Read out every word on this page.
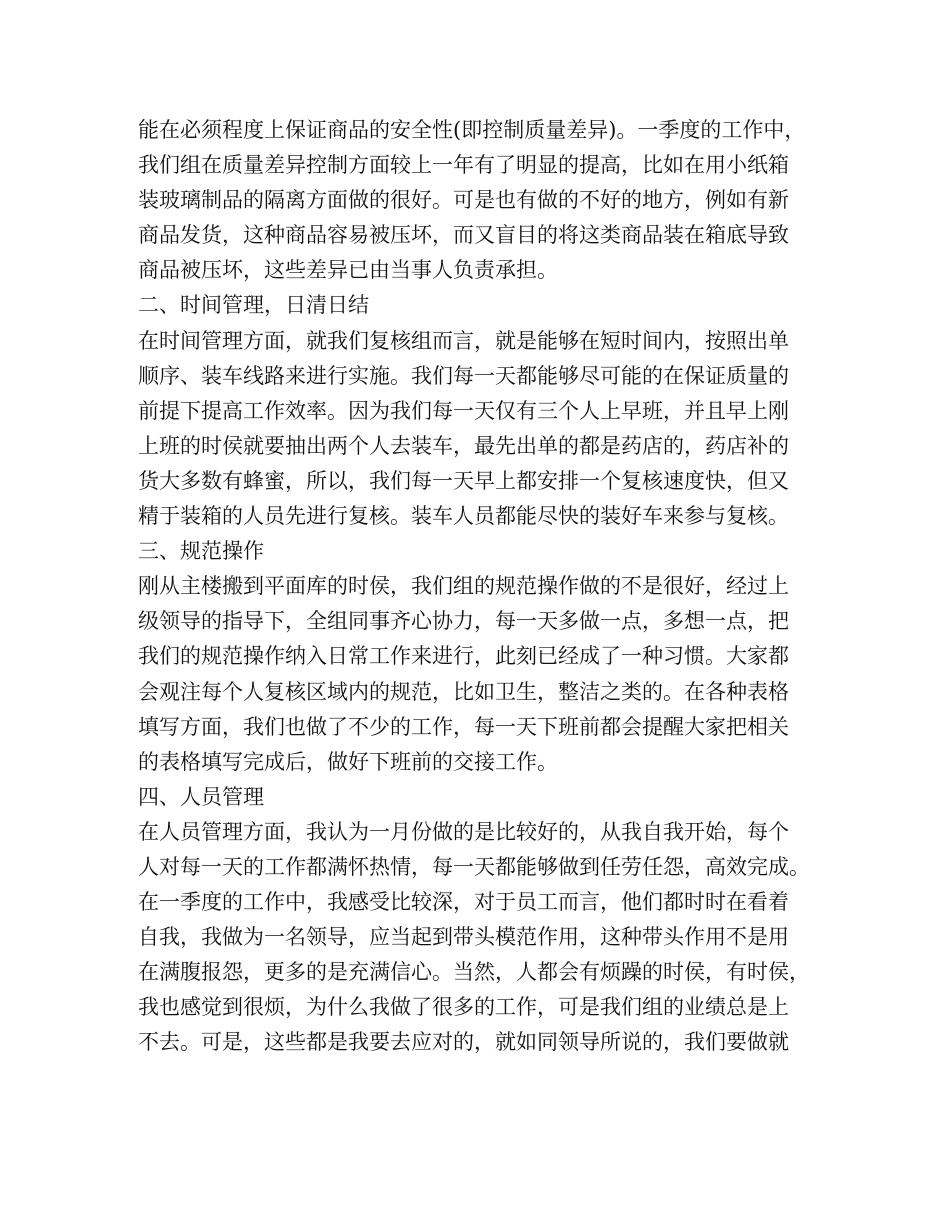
能在必须程度上保证商品的安全性(即控制质量差异)。一季度的工作中，
我们组在质量差异控制方面较上一年有了明显的提高，比如在用小纸箱
装玻璃制品的隔离方面做的很好。可是也有做的不好的地方，例如有新
商品发货，这种商品容易被压坏，而又盲目的将这类商品装在箱底导致
商品被压坏，这些差异已由当事人负责承担。
二、时间管理，日清日结
在时间管理方面，就我们复核组而言，就是能够在短时间内，按照出单
顺序、装车线路来进行实施。我们每一天都能够尽可能的在保证质量的
前提下提高工作效率。因为我们每一天仅有三个人上早班，并且早上刚
上班的时侯就要抽出两个人去装车，最先出单的都是药店的，药店补的
货大多数有蜂蜜，所以，我们每一天早上都安排一个复核速度快，但又
精于装箱的人员先进行复核。装车人员都能尽快的装好车来参与复核。
三、规范操作
刚从主楼搬到平面库的时侯，我们组的规范操作做的不是很好，经过上
级领导的指导下，全组同事齐心协力，每一天多做一点，多想一点，把
我们的规范操作纳入日常工作来进行，此刻已经成了一种习惯。大家都
会观注每个人复核区域内的规范，比如卫生，整洁之类的。在各种表格
填写方面，我们也做了不少的工作，每一天下班前都会提醒大家把相关
的表格填写完成后，做好下班前的交接工作。
四、人员管理
在人员管理方面，我认为一月份做的是比较好的，从我自我开始，每个
人对每一天的工作都满怀热情，每一天都能够做到任劳任怨，高效完成。
在一季度的工作中，我感受比较深，对于员工而言，他们都时时在看着
自我，我做为一名领导，应当起到带头模范作用，这种带头作用不是用
在满腹报怨，更多的是充满信心。当然，人都会有烦躁的时侯，有时侯，
我也感觉到很烦，为什么我做了很多的工作，可是我们组的业绩总是上
不去。可是，这些都是我要去应对的，就如同领导所说的，我们要做就
